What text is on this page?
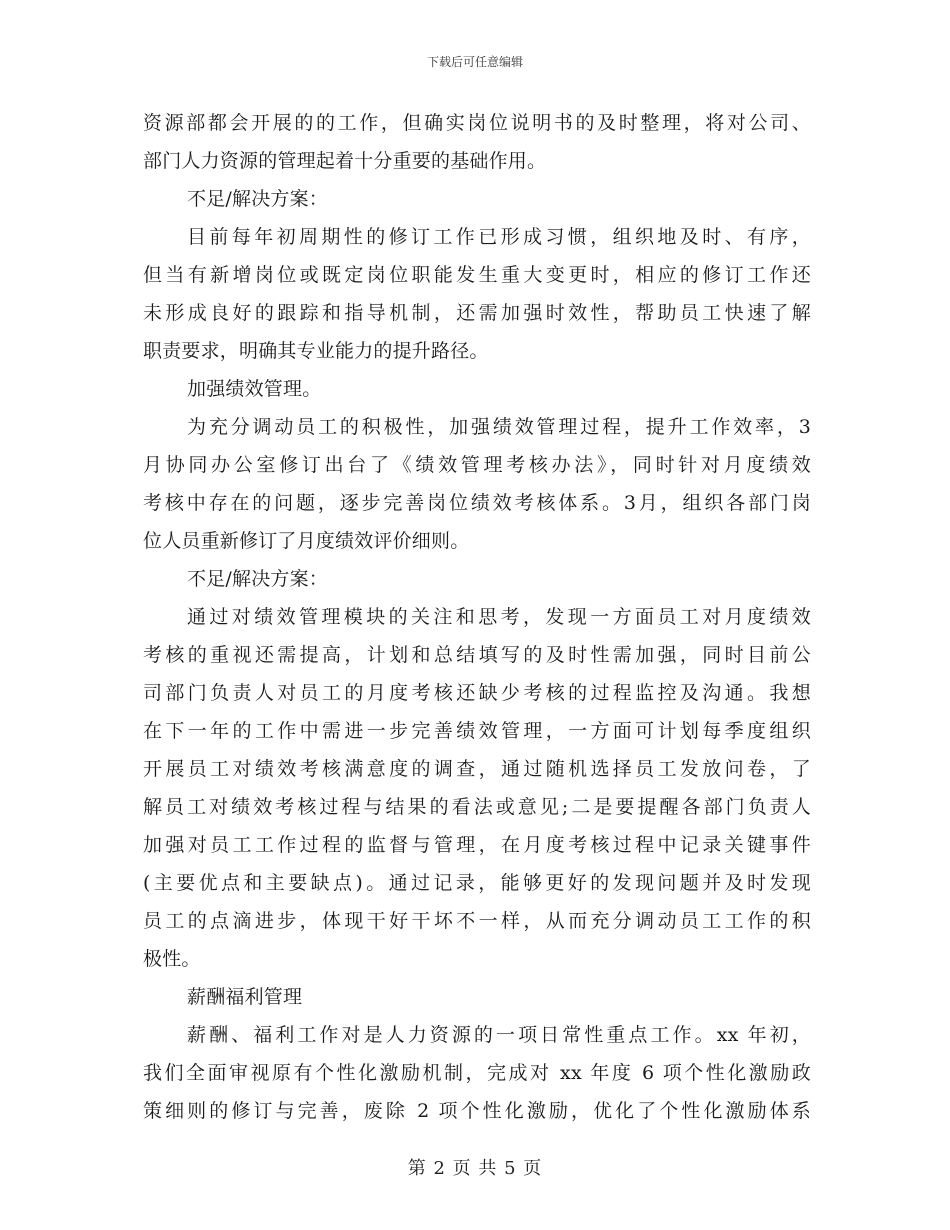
下载后可任意编辑
资源部都会开展的的工作，但确实岗位说明书的及时整理，将对公司、
部门人力资源的管理起着十分重要的基础作用。
不足/解决方案：
目前每年初周期性的修订工作已形成习惯，组织地及时、有序，
但当有新增岗位或既定岗位职能发生重大变更时，相应的修订工作还
未形成良好的跟踪和指导机制，还需加强时效性，帮助员工快速了解
职责要求，明确其专业能力的提升路径。
加强绩效管理。
为充分调动员工的积极性，加强绩效管理过程，提升工作效率，3
月协同办公室修订出台了《绩效管理考核办法》，同时针对月度绩效
考核中存在的问题，逐步完善岗位绩效考核体系。3月，组织各部门岗
位人员重新修订了月度绩效评价细则。
不足/解决方案：
通过对绩效管理模块的关注和思考，发现一方面员工对月度绩效
考核的重视还需提高，计划和总结填写的及时性需加强，同时目前公
司部门负责人对员工的月度考核还缺少考核的过程监控及沟通。我想
在下一年的工作中需进一步完善绩效管理，一方面可计划每季度组织
开展员工对绩效考核满意度的调查，通过随机选择员工发放问卷，了
解员工对绩效考核过程与结果的看法或意见;二是要提醒各部门负责人
加强对员工工作过程的监督与管理，在月度考核过程中记录关键事件
(主要优点和主要缺点)。通过记录，能够更好的发现问题并及时发现
员工的点滴进步，体现干好干坏不一样，从而充分调动员工工作的积
极性。
薪酬福利管理
薪酬、福利工作对是人力资源的一项日常性重点工作。xx 年初，
我们全面审视原有个性化激励机制，完成对 xx 年度 6 项个性化激励政
策细则的修订与完善，废除 2 项个性化激励，优化了个性化激励体系
第 2 页 共 5 页
